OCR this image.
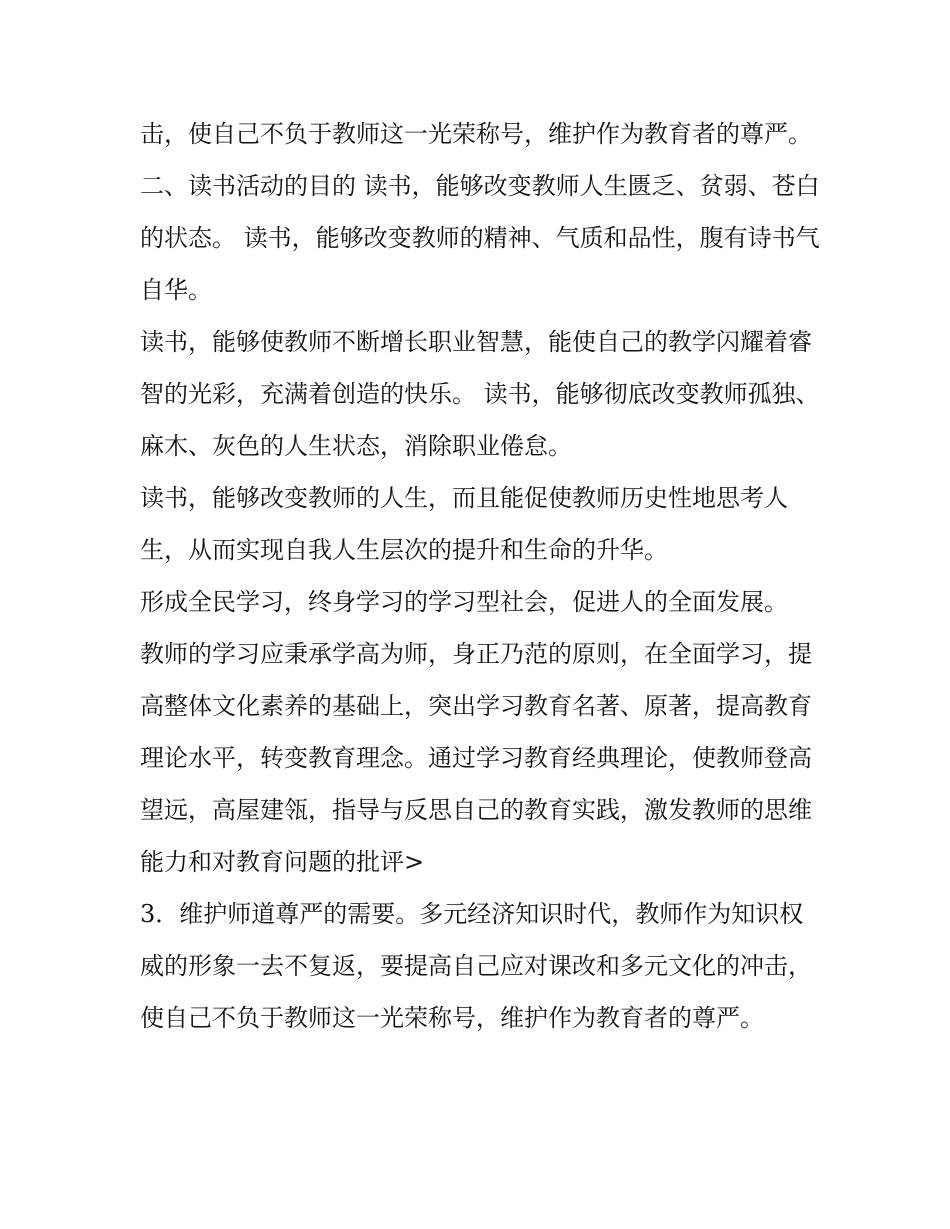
击，使自己不负于教师这一光荣称号，维护作为教育者的尊严。

二、读书活动的目的 读书，能够改变教师人生匮乏、贫弱、苍白的状态。 读书，能够改变教师的精神、气质和品性，腹有诗书气自华。

读书，能够使教师不断增长职业智慧，能使自己的教学闪耀着睿智的光彩，充满着创造的快乐。 读书，能够彻底改变教师孤独、麻木、灰色的人生状态，消除职业倦怠。

读书，能够改变教师的人生，而且能促使教师历史性地思考人生，从而实现自我人生层次的提升和生命的升华。

形成全民学习，终身学习的学习型社会，促进人的全面发展。

教师的学习应秉承学高为师，身正乃范的原则，在全面学习，提高整体文化素养的基础上，突出学习教育名著、原著，提高教育理论水平，转变教育理念。通过学习教育经典理论，使教师登高望远，高屋建瓴，指导与反思自己的教育实践，激发教师的思维能力和对教育问题的批评>

3．维护师道尊严的需要。多元经济知识时代，教师作为知识权威的形象一去不复返，要提高自己应对课改和多元文化的冲击，使自己不负于教师这一光荣称号，维护作为教育者的尊严。
